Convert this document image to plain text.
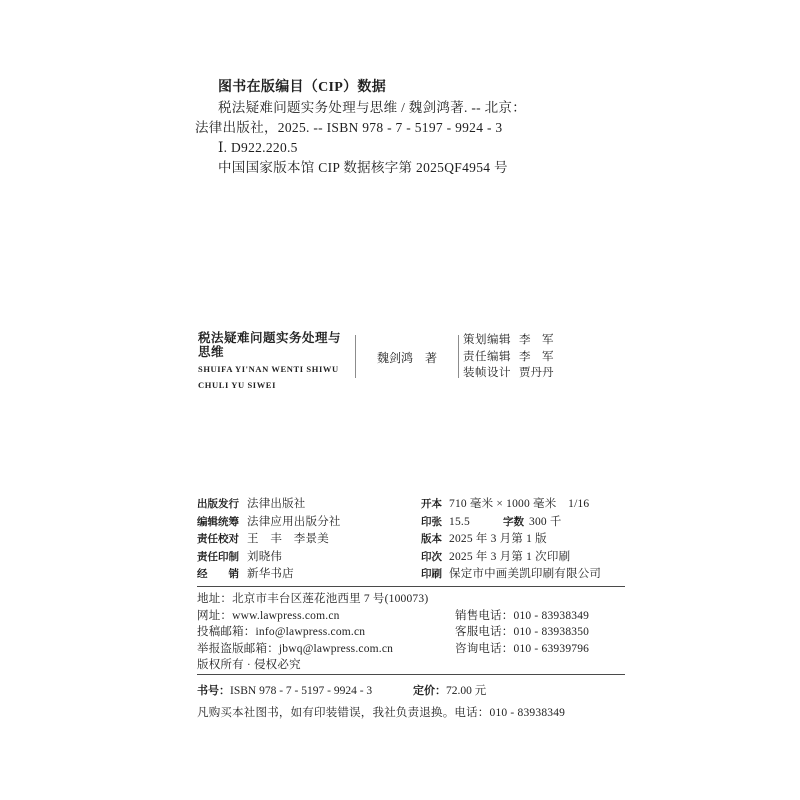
图书在版编目（CIP）数据
税法疑难问题实务处理与思维 / 魏剑鸿著. -- 北京：
法律出版社，2025. -- ISBN 978 - 7 - 5197 - 9924 - 3
Ⅰ. D922.220.5
中国国家版本馆 CIP 数据核字第 2025QF4954 号
税法疑难问题实务处理与思维
SHUIFA YI'NAN WENTI SHIWU
CHULI YU SIWEI
魏剑鸿　著
策划编辑 李　军
责任编辑 李　军
装帧设计 贾丹丹
出版发行 法律出版社
编辑统筹 法律应用出版分社
责任校对 王　丰　李景美
责任印制 刘晓伟
经　　销 新华书店
开本 710 毫米 × 1000 毫米　1/16
印张 15.5	字数 300 千
版本 2025 年 3 月第 1 版
印次 2025 年 3 月第 1 次印刷
印刷 保定市中画美凯印刷有限公司
地址：北京市丰台区莲花池西里 7 号(100073)
网址：www.lawpress.com.cn
投稿邮箱：info@lawpress.com.cn
举报盗版邮箱：jbwq@lawpress.com.cn
版权所有 · 侵权必究
销售电话：010 - 83938349
客服电话：010 - 83938350
咨询电话：010 - 63939796
书号：ISBN 978 - 7 - 5197 - 9924 - 3	定价：72.00 元
凡购买本社图书，如有印装错误，我社负责退换。电话：010 - 83938349
